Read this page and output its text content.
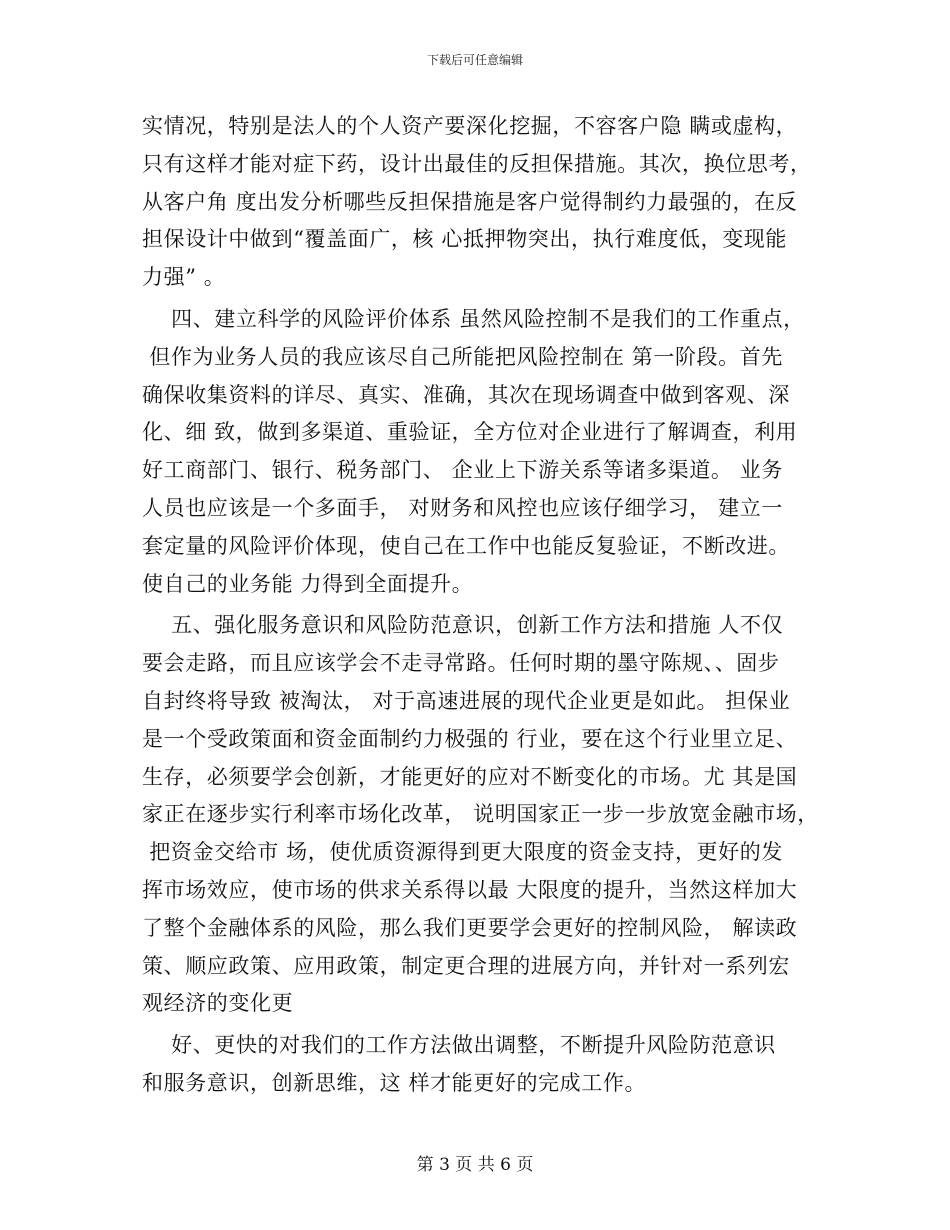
下载后可任意编辑
实情况，特别是法人的个人资产要深化挖掘，不容客户隐 瞒或虚构，
只有这样才能对症下药，设计出最佳的反担保措施。其次，换位思考，
从客户角 度出发分析哪些反担保措施是客户觉得制约力最强的，在反
担保设计中做到“覆盖面广，核 心抵押物突出，执行难度低，变现能
力强” 。
四、建立科学的风险评价体系 虽然风险控制不是我们的工作重点，
但作为业务人员的我应该尽自己所能把风险控制在 第一阶段。首先
确保收集资料的详尽、真实、准确，其次在现场调查中做到客观、深
化、细 致，做到多渠道、重验证，全方位对企业进行了解调查，利用
好工商部门、银行、税务部门、 企业上下游关系等诸多渠道。 业务
人员也应该是一个多面手， 对财务和风控也应该仔细学习， 建立一
套定量的风险评价体现，使自己在工作中也能反复验证，不断改进。
使自己的业务能 力得到全面提升。
五、强化服务意识和风险防范意识，创新工作方法和措施 人不仅
要会走路，而且应该学会不走寻常路。任何时期的墨守陈规、、固步
自封终将导致 被淘汰， 对于高速进展的现代企业更是如此。 担保业
是一个受政策面和资金面制约力极强的 行业，要在这个行业里立足、
生存，必须要学会创新，才能更好的应对不断变化的市场。尤 其是国
家正在逐步实行利率市场化改革， 说明国家正一步一步放宽金融市场，
把资金交给市 场，使优质资源得到更大限度的资金支持，更好的发
挥市场效应，使市场的供求关系得以最 大限度的提升，当然这样加大
了整个金融体系的风险，那么我们更要学会更好的控制风险， 解读政
策、顺应政策、应用政策，制定更合理的进展方向，并针对一系列宏
观经济的变化更
好、更快的对我们的工作方法做出调整，不断提升风险防范意识
和服务意识，创新思维，这 样才能更好的完成工作。
第 3 页 共 6 页
